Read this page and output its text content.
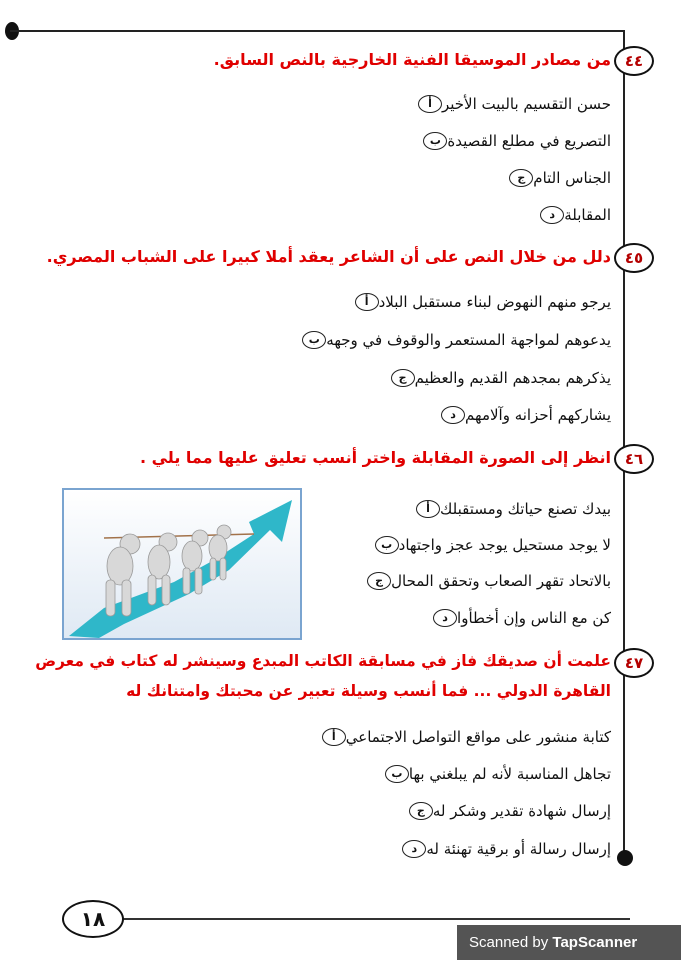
٤٤
من مصادر الموسيقا الفنية الخارجية بالنص السابق.
أ حسن التقسيم بالبيت الأخير
ب التصريع في مطلع القصيدة
ج الجناس التام
د المقابلة
٤٥
دلل من خلال النص على أن الشاعر يعقد أملا كبيرا على الشباب المصري.
أ يرجو منهم النهوض لبناء مستقبل البلاد
ب يدعوهم لمواجهة المستعمر والوقوف في وجهه
ج يذكرهم بمجدهم القديم والعظيم
د يشاركهم أحزانه وآلامهم
٤٦
انظر إلى الصورة المقابلة واختر أنسب تعليق عليها مما يلي .
أ بيدك تصنع حياتك ومستقبلك
ب لا يوجد مستحيل يوجد عجز واجتهاد
ج بالاتحاد تقهر الصعاب وتحقق المحال
د كن مع الناس وإن أخطأوا
٤٧
علمت أن صديقك فاز في مسابقة الكاتب المبدع وسينشر له كتاب في معرض
القاهرة الدولي ... فما أنسب وسيلة تعبير عن محبتك وامتنانك له
أ كتابة منشور على مواقع التواصل الاجتماعي
ب تجاهل المناسبة لأنه لم يبلغني بها
ج إرسال شهادة تقدير وشكر له
د إرسال رسالة أو برقية تهنئة له
١٨
Scanned by TapScanner
